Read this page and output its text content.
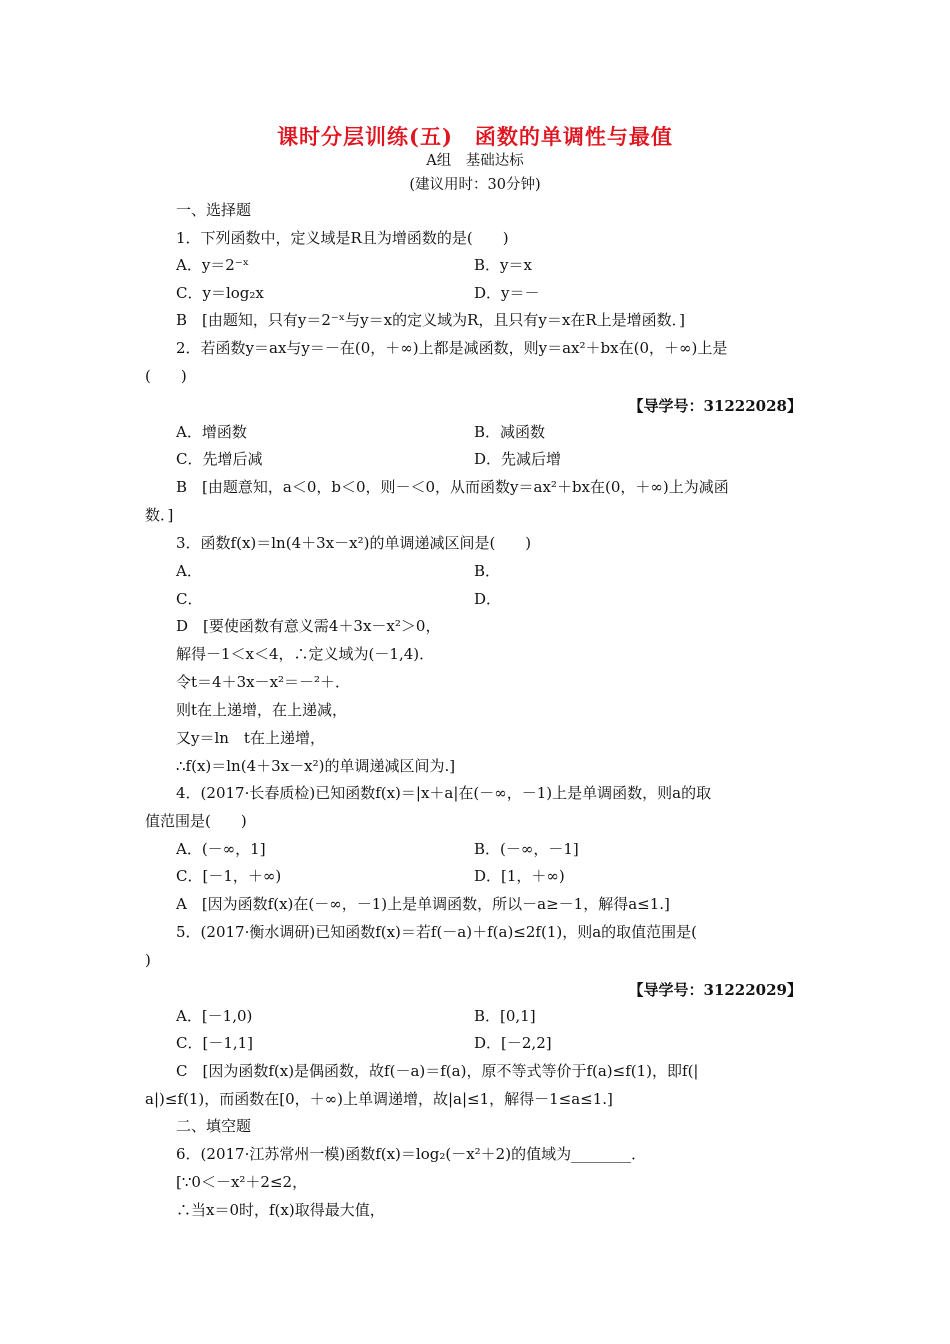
课时分层训练(五)　函数的单调性与最值
A组　基础达标
(建议用时：30分钟)
一、选择题
1．下列函数中，定义域是R且为增函数的是(　　)
A．y＝2⁻ˣ	B．y＝x
C．y＝log₂x	D．y＝－
B　[由题知，只有y＝2⁻ˣ与y＝x的定义域为R，且只有y＝x在R上是增函数．]
2．若函数y＝ax与y＝－在(0，＋∞)上都是减函数，则y＝ax²＋bx在(0，＋∞)上是
(　　)
【导学号：31222028】
A．增函数	B．减函数
C．先增后减	D．先减后增
B　[由题意知，a＜0，b＜0，则－＜0，从而函数y＝ax²＋bx在(0，＋∞)上为减函
数．]
3．函数f(x)＝ln(4＋3x－x²)的单调递减区间是(　　)
A．	B．
C．	D．
D　[要使函数有意义需4＋3x－x²＞0，
解得－1＜x＜4，∴定义域为(－1,4)．
令t＝4＋3x－x²＝－²＋．
则t在上递增，在上递减，
又y＝ln　t在上递增，
∴f(x)＝ln(4＋3x－x²)的单调递减区间为.]
4．(2017·长春质检)已知函数f(x)＝|x＋a|在(－∞，－1)上是单调函数，则a的取
值范围是(　　)
A．(－∞，1]	B．(－∞，－1]
C．[－1，＋∞)	D．[1，＋∞)
A　[因为函数f(x)在(－∞，－1)上是单调函数，所以－a≥－1，解得a≤1.]
5．(2017·衡水调研)已知函数f(x)＝若f(－a)＋f(a)≤2f(1)，则a的取值范围是(
)
【导学号：31222029】
A．[－1,0)	B．[0,1]
C．[－1,1]	D．[－2,2]
C　[因为函数f(x)是偶函数，故f(－a)＝f(a)，原不等式等价于f(a)≤f(1)，即f(|
a|)≤f(1)，而函数在[0，＋∞)上单调递增，故|a|≤1，解得－1≤a≤1.]
二、填空题
6．(2017·江苏常州一模)函数f(x)＝log₂(－x²＋2)的值域为________．
[∵0＜－x²＋2≤2，
∴当x＝0时，f(x)取得最大值，
